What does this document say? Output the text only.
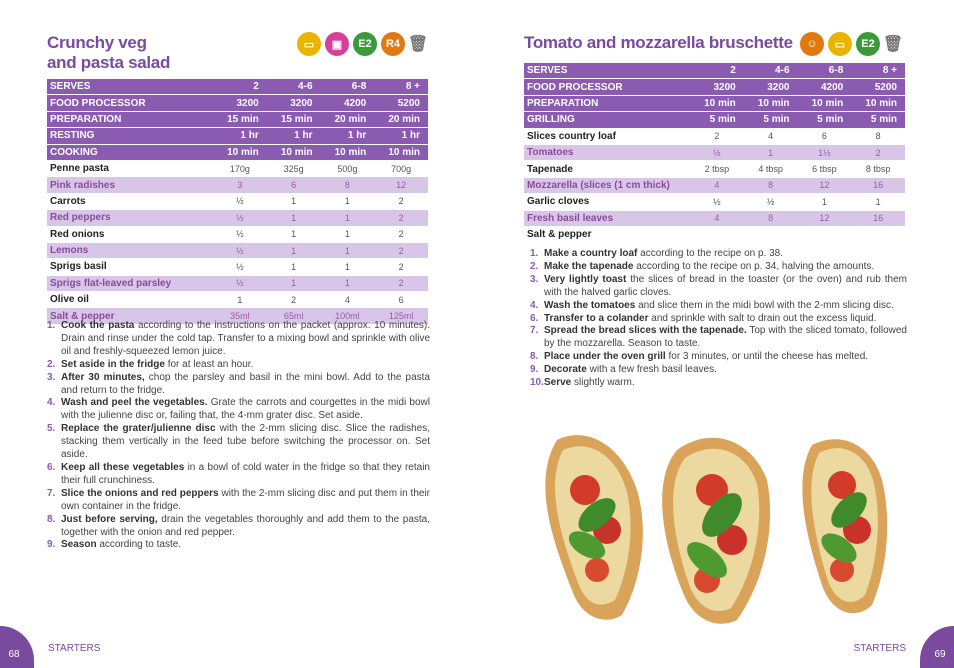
Crunchy veg
and pasta salad
▭	▣	E2	R4 🗑
SERVES	2	4-6	6-8	8 +
FOOD PROCESSOR	3200	3200	4200	5200
PREPARATION	15 min	15 min	20 min	20 min
RESTING	1 hr	1 hr	1 hr	1 hr
COOKING	10 min	10 min	10 min	10 min
Penne pasta	170g	325g	500g	700g
Pink radishes	3	6	8	12
Carrots	½	1	1	2
Red peppers	½	1	1	2
Red onions	½	1	1	2
Lemons	½	1	1	2
Sprigs basil	½	1	1	2
Sprigs flat-leaved parsley	½	1	1	2
Olive oil	1	2	4	6
Salt & pepper	35ml	65ml	100ml	125ml
1. Cook the pasta according to the instructions on the packet (approx. 10 minutes). Drain and rinse under the cold tap. Transfer to a mixing bowl and sprinkle with olive oil and freshly-squeezed lemon juice.
2. Set aside in the fridge for at least an hour.
3. After 30 minutes, chop the parsley and basil in the mini bowl. Add to the pasta and return to the fridge.
4. Wash and peel the vegetables. Grate the carrots and courgettes in the midi bowl with the julienne disc or, failing that, the 4-mm grater disc. Set aside.
5. Replace the grater/julienne disc with the 2-mm slicing disc. Slice the radishes, stacking them vertically in the feed tube before switching the processor on. Set aside.
6. Keep all these vegetables in a bowl of cold water in the fridge so that they retain their full crunchiness.
7. Slice the onions and red peppers with the 2-mm slicing disc and put them in their own container in the fridge.
8. Just before serving, drain the vegetables thoroughly and add them to the pasta, together with the onion and red pepper.
9. Season according to taste.
68	STARTERS
Tomato and mozzarella bruschette	☺	▭	E2 🗑
SERVES	2	4-6	6-8	8 +
FOOD PROCESSOR	3200	3200	4200	5200
PREPARATION	10 min	10 min	10 min	10 min
GRILLING	5 min	5 min	5 min	5 min
Slices country loaf	2	4	6	8
Tomatoes	½	1	1½	2
Tapenade	2 tbsp	4 tbsp	6 tbsp	8 tbsp
Mozzarella (slices (1 cm thick)	4	8	12	16
Garlic cloves	½	½	1	1
Fresh basil leaves	4	8	12	16
Salt & pepper				
1. Make a country loaf according to the recipe on p. 38.
2. Make the tapenade according to the recipe on p. 34, halving the amounts.
3. Very lightly toast the slices of bread in the toaster (or the oven) and rub them with the halved garlic cloves.
4. Wash the tomatoes and slice them in the midi bowl with the 2-mm slicing disc.
6. Transfer to a colander and sprinkle with salt to drain out the excess liquid.
7. Spread the bread slices with the tapenade. Top with the sliced tomato, followed by the mozzarella. Season to taste.
8. Place under the oven grill for 3 minutes, or until the cheese has melted.
9. Decorate with a few fresh basil leaves.
10. Serve slightly warm.
69
STARTERS
